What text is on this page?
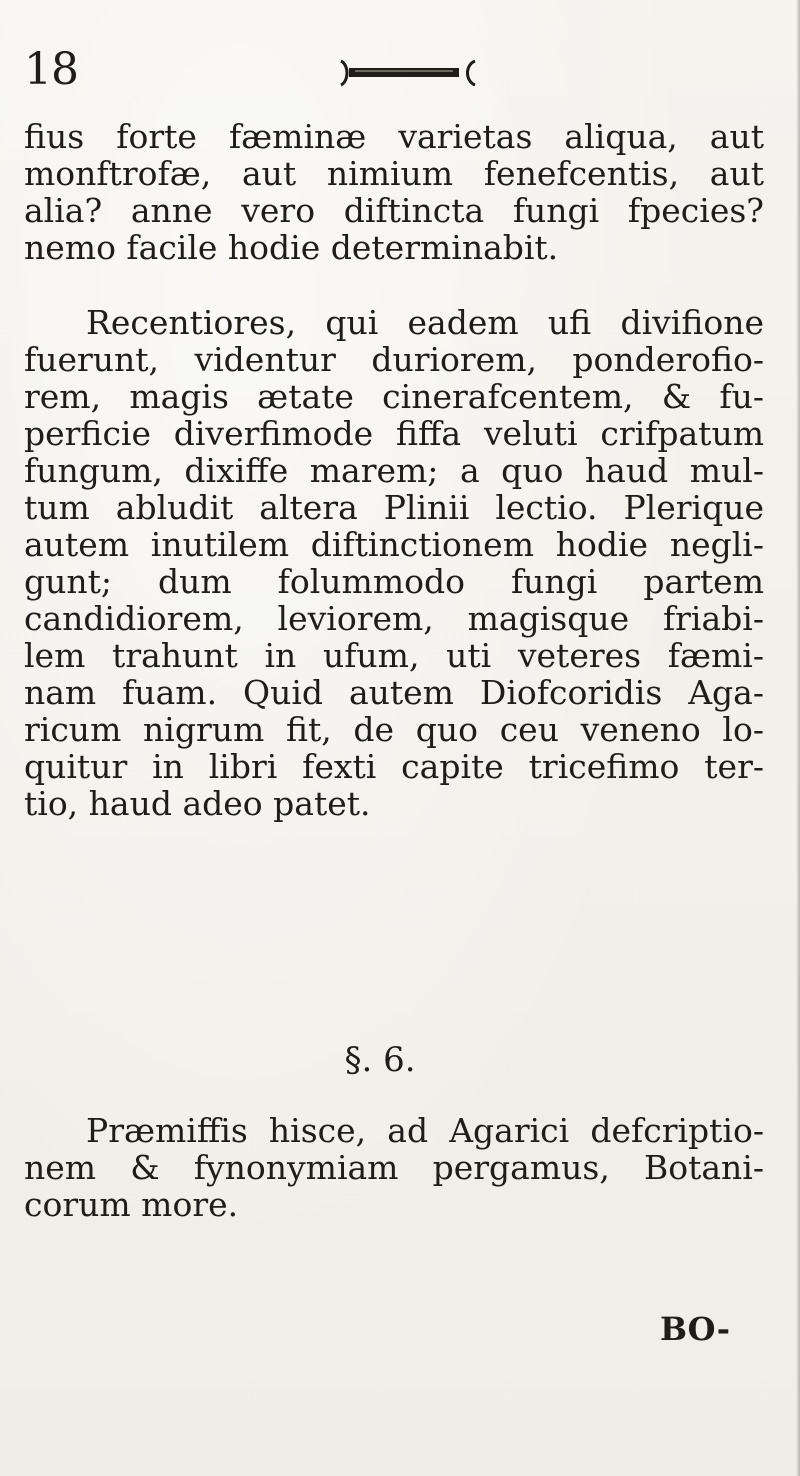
18
fius forte fæminæ varietas aliqua, aut
monftrofæ, aut nimium fenefcentis, aut
alia? anne vero diftincta fungi fpecies?
nemo facile hodie determinabit.
Recentiores, qui eadem ufi divifione
fuerunt, videntur duriorem, ponderofio-
rem, magis ætate cinerafcentem, & fu-
perficie diverfimode fiffa veluti crifpatum
fungum, dixiffe marem; a quo haud mul-
tum abludit altera Plinii lectio. Plerique
autem inutilem diftinctionem hodie negli-
gunt; dum folummodo fungi partem
candidiorem, leviorem, magisque friabi-
lem trahunt in ufum, uti veteres fæmi-
nam fuam. Quid autem Diofcoridis Aga-
ricum nigrum fit, de quo ceu veneno lo-
quitur in libri fexti capite tricefimo ter-
tio, haud adeo patet.
§. 6.
Præmiffis hisce, ad Agarici defcriptio-
nem & fynonymiam pergamus, Botani-
corum more.
BO-
